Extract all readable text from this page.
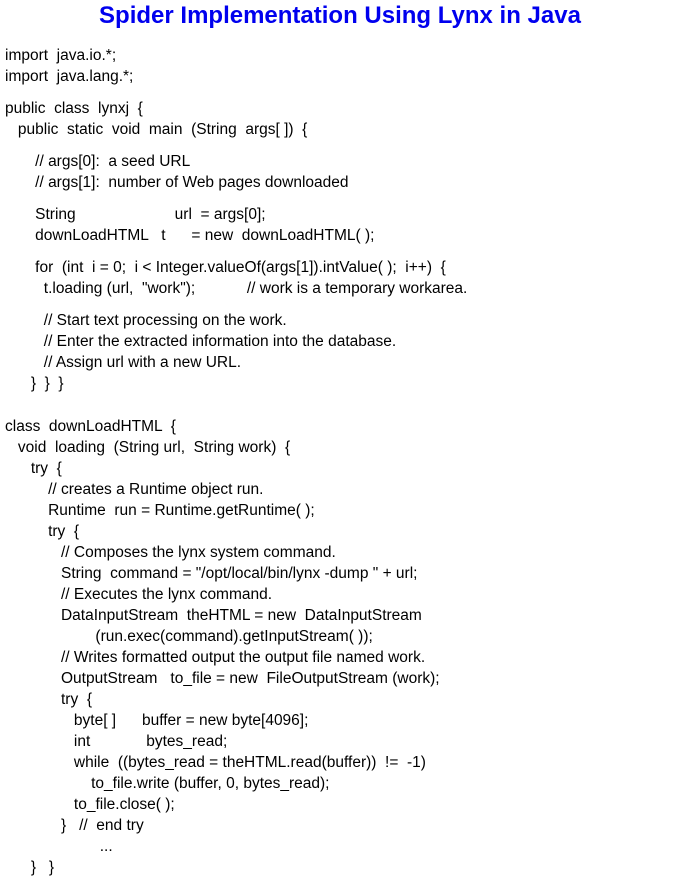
Spider Implementation Using Lynx in Java
import  java.io.*;
import  java.lang.*;
public  class  lynxj  {
public  static  void  main  (String  args[ ])  {
// args[0]:  a seed URL
// args[1]:  number of Web pages downloaded
String                       url  = args[0];
downLoadHTML   t      = new  downLoadHTML( );
for  (int  i = 0;  i < Integer.valueOf(args[1]).intValue( );  i++)  {
t.loading (url,  "work");            // work is a temporary workarea.
// Start text processing on the work.
// Enter the extracted information into the database.
// Assign url with a new URL.
}  }  }
class  downLoadHTML  {
void  loading  (String url,  String work)  {
try  {
// creates a Runtime object run.
Runtime  run = Runtime.getRuntime( );
try  {
// Composes the lynx system command.
String  command = "/opt/local/bin/lynx -dump " + url;
// Executes the lynx command.
DataInputStream  theHTML = new  DataInputStream
(run.exec(command).getInputStream( ));
// Writes formatted output the output file named work.
OutputStream   to_file = new  FileOutputStream (work);
try  {
byte[ ]      buffer = new byte[4096];
int             bytes_read;
while  ((bytes_read = theHTML.read(buffer))  !=  -1)
to_file.write (buffer, 0, bytes_read);
to_file.close( );
}   //  end try
...
}   }
